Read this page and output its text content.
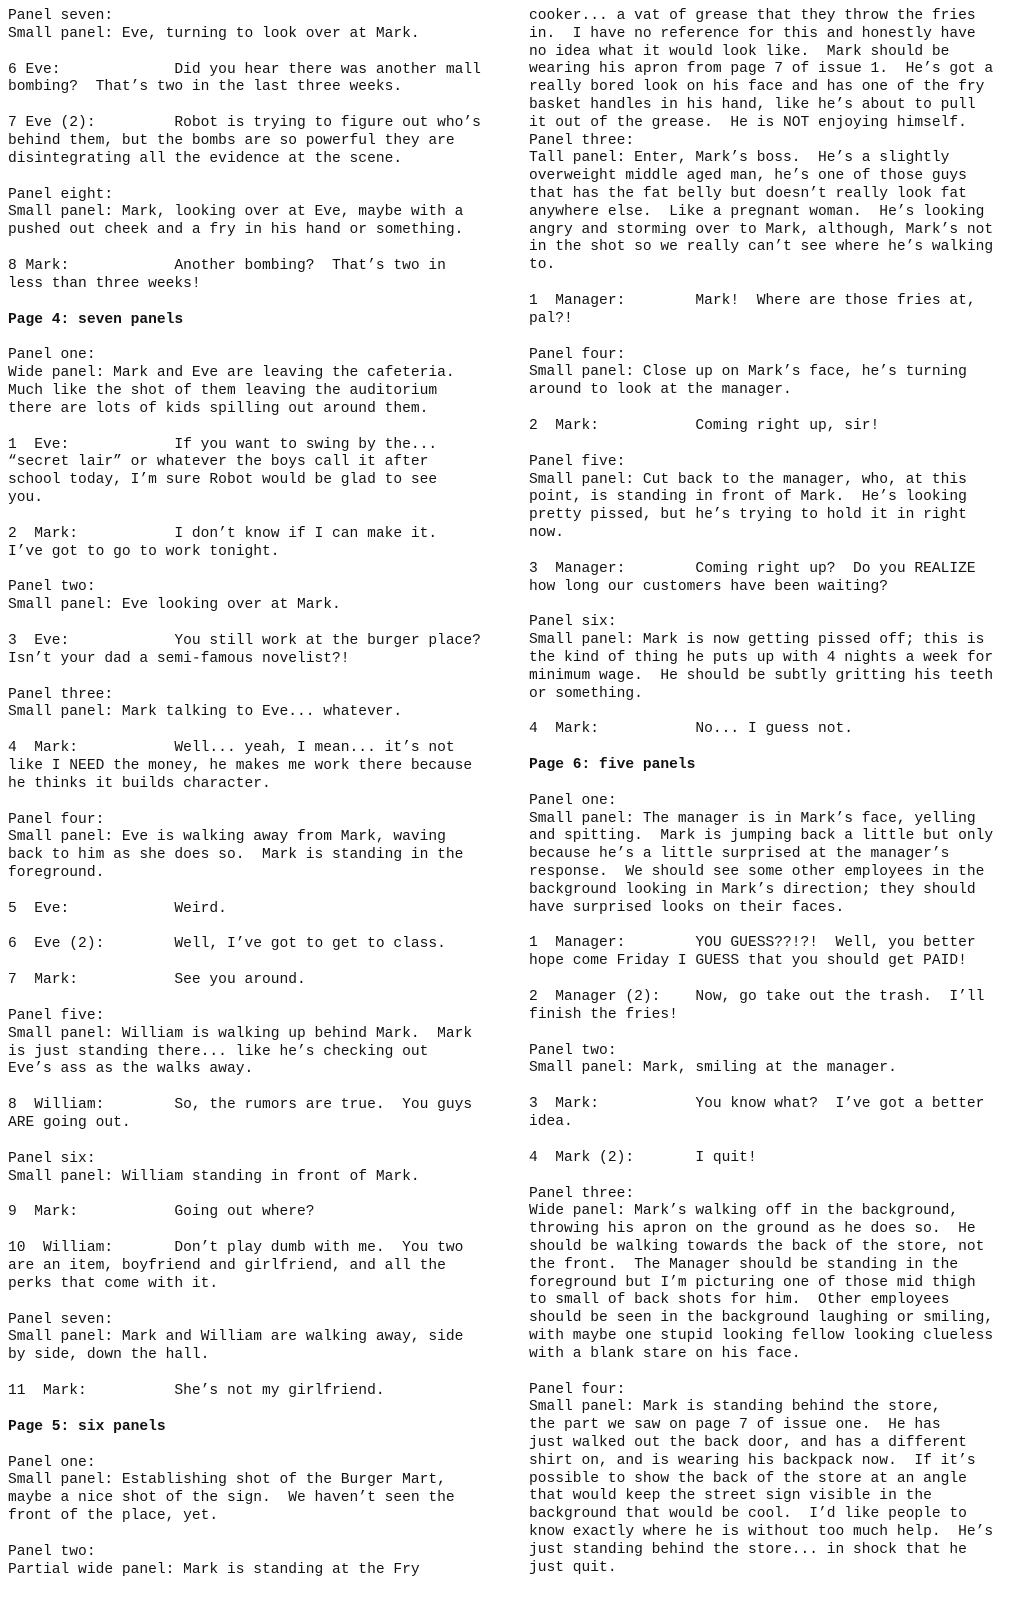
Panel seven:
Small panel: Eve, turning to look over at Mark.
6 Eve:             Did you hear there was another mall
bombing?  That’s two in the last three weeks.
7 Eve (2):         Robot is trying to figure out who’s
behind them, but the bombs are so powerful they are
disintegrating all the evidence at the scene.
Panel eight:
Small panel: Mark, looking over at Eve, maybe with a
pushed out cheek and a fry in his hand or something.
8 Mark:            Another bombing?  That’s two in
less than three weeks!
Page 4: seven panels
Panel one:
Wide panel: Mark and Eve are leaving the cafeteria.
Much like the shot of them leaving the auditorium
there are lots of kids spilling out around them.
1  Eve:            If you want to swing by the...
“secret lair” or whatever the boys call it after
school today, I’m sure Robot would be glad to see
you.
2  Mark:           I don’t know if I can make it.
I’ve got to go to work tonight.
Panel two:
Small panel: Eve looking over at Mark.
3  Eve:            You still work at the burger place?
Isn’t your dad a semi-famous novelist?!
Panel three:
Small panel: Mark talking to Eve... whatever.
4  Mark:           Well... yeah, I mean... it’s not
like I NEED the money, he makes me work there because
he thinks it builds character.
Panel four:
Small panel: Eve is walking away from Mark, waving
back to him as she does so.  Mark is standing in the
foreground.
5  Eve:            Weird.
6  Eve (2):        Well, I’ve got to get to class.
7  Mark:           See you around.
Panel five:
Small panel: William is walking up behind Mark.  Mark
is just standing there... like he’s checking out
Eve’s ass as the walks away.
8  William:        So, the rumors are true.  You guys
ARE going out.
Panel six:
Small panel: William standing in front of Mark.
9  Mark:           Going out where?
10  William:       Don’t play dumb with me.  You two
are an item, boyfriend and girlfriend, and all the
perks that come with it.
Panel seven:
Small panel: Mark and William are walking away, side
by side, down the hall.
11  Mark:          She’s not my girlfriend.
Page 5: six panels
Panel one:
Small panel: Establishing shot of the Burger Mart,
maybe a nice shot of the sign.  We haven’t seen the
front of the place, yet.
Panel two:
Partial wide panel: Mark is standing at the Fry
cooker... a vat of grease that they throw the fries
in.  I have no reference for this and honestly have
no idea what it would look like.  Mark should be
wearing his apron from page 7 of issue 1.  He’s got a
really bored look on his face and has one of the fry
basket handles in his hand, like he’s about to pull
it out of the grease.  He is NOT enjoying himself.
Panel three:
Tall panel: Enter, Mark’s boss.  He’s a slightly
overweight middle aged man, he’s one of those guys
that has the fat belly but doesn’t really look fat
anywhere else.  Like a pregnant woman.  He’s looking
angry and storming over to Mark, although, Mark’s not
in the shot so we really can’t see where he’s walking
to.
1  Manager:        Mark!  Where are those fries at,
pal?!
Panel four:
Small panel: Close up on Mark’s face, he’s turning
around to look at the manager.
2  Mark:           Coming right up, sir!
Panel five:
Small panel: Cut back to the manager, who, at this
point, is standing in front of Mark.  He’s looking
pretty pissed, but he’s trying to hold it in right
now.
3  Manager:        Coming right up?  Do you REALIZE
how long our customers have been waiting?
Panel six:
Small panel: Mark is now getting pissed off; this is
the kind of thing he puts up with 4 nights a week for
minimum wage.  He should be subtly gritting his teeth
or something.
4  Mark:           No... I guess not.
Page 6: five panels
Panel one:
Small panel: The manager is in Mark’s face, yelling
and spitting.  Mark is jumping back a little but only
because he’s a little surprised at the manager’s
response.  We should see some other employees in the
background looking in Mark’s direction; they should
have surprised looks on their faces.
1  Manager:        YOU GUESS??!?!  Well, you better
hope come Friday I GUESS that you should get PAID!
2  Manager (2):    Now, go take out the trash.  I’ll
finish the fries!
Panel two:
Small panel: Mark, smiling at the manager.
3  Mark:           You know what?  I’ve got a better
idea.
4  Mark (2):       I quit!
Panel three:
Wide panel: Mark’s walking off in the background,
throwing his apron on the ground as he does so.  He
should be walking towards the back of the store, not
the front.  The Manager should be standing in the
foreground but I’m picturing one of those mid thigh
to small of back shots for him.  Other employees
should be seen in the background laughing or smiling,
with maybe one stupid looking fellow looking clueless
with a blank stare on his face.
Panel four:
Small panel: Mark is standing behind the store,
the part we saw on page 7 of issue one.  He has
just walked out the back door, and has a different
shirt on, and is wearing his backpack now.  If it’s
possible to show the back of the store at an angle
that would keep the street sign visible in the
background that would be cool.  I’d like people to
know exactly where he is without too much help.  He’s
just standing behind the store... in shock that he
just quit.
